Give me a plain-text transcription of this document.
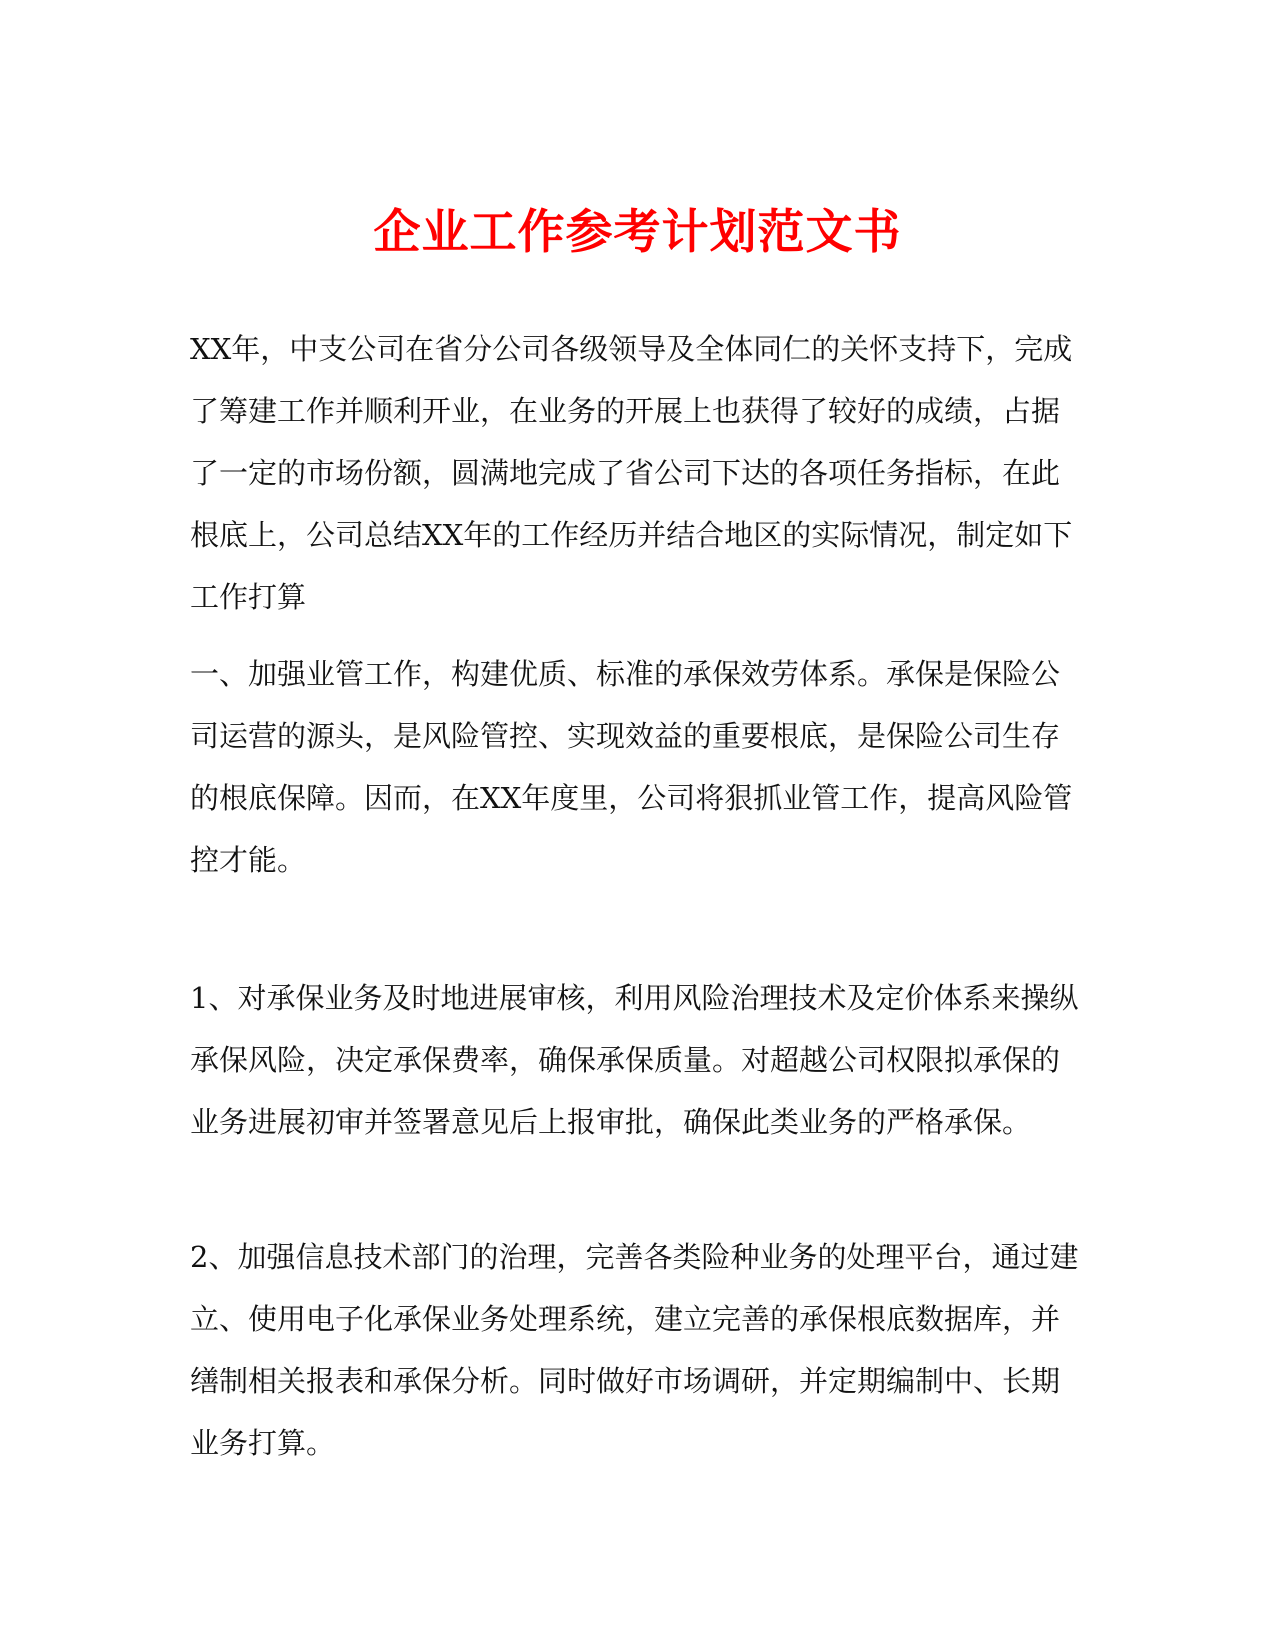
企业工作参考计划范文书
XX年，中支公司在省分公司各级领导及全体同仁的关怀支持下，完成
了筹建工作并顺利开业，在业务的开展上也获得了较好的成绩，占据
了一定的市场份额，圆满地完成了省公司下达的各项任务指标，在此
根底上，公司总结XX年的工作经历并结合地区的实际情况，制定如下
工作打算
一、加强业管工作，构建优质、标准的承保效劳体系。承保是保险公
司运营的源头，是风险管控、实现效益的重要根底，是保险公司生存
的根底保障。因而，在XX年度里，公司将狠抓业管工作，提高风险管
控才能。
1、对承保业务及时地进展审核，利用风险治理技术及定价体系来操纵
承保风险，决定承保费率，确保承保质量。对超越公司权限拟承保的
业务进展初审并签署意见后上报审批，确保此类业务的严格承保。
2、加强信息技术部门的治理，完善各类险种业务的处理平台，通过建
立、使用电子化承保业务处理系统，建立完善的承保根底数据库，并
缮制相关报表和承保分析。同时做好市场调研，并定期编制中、长期
业务打算。
